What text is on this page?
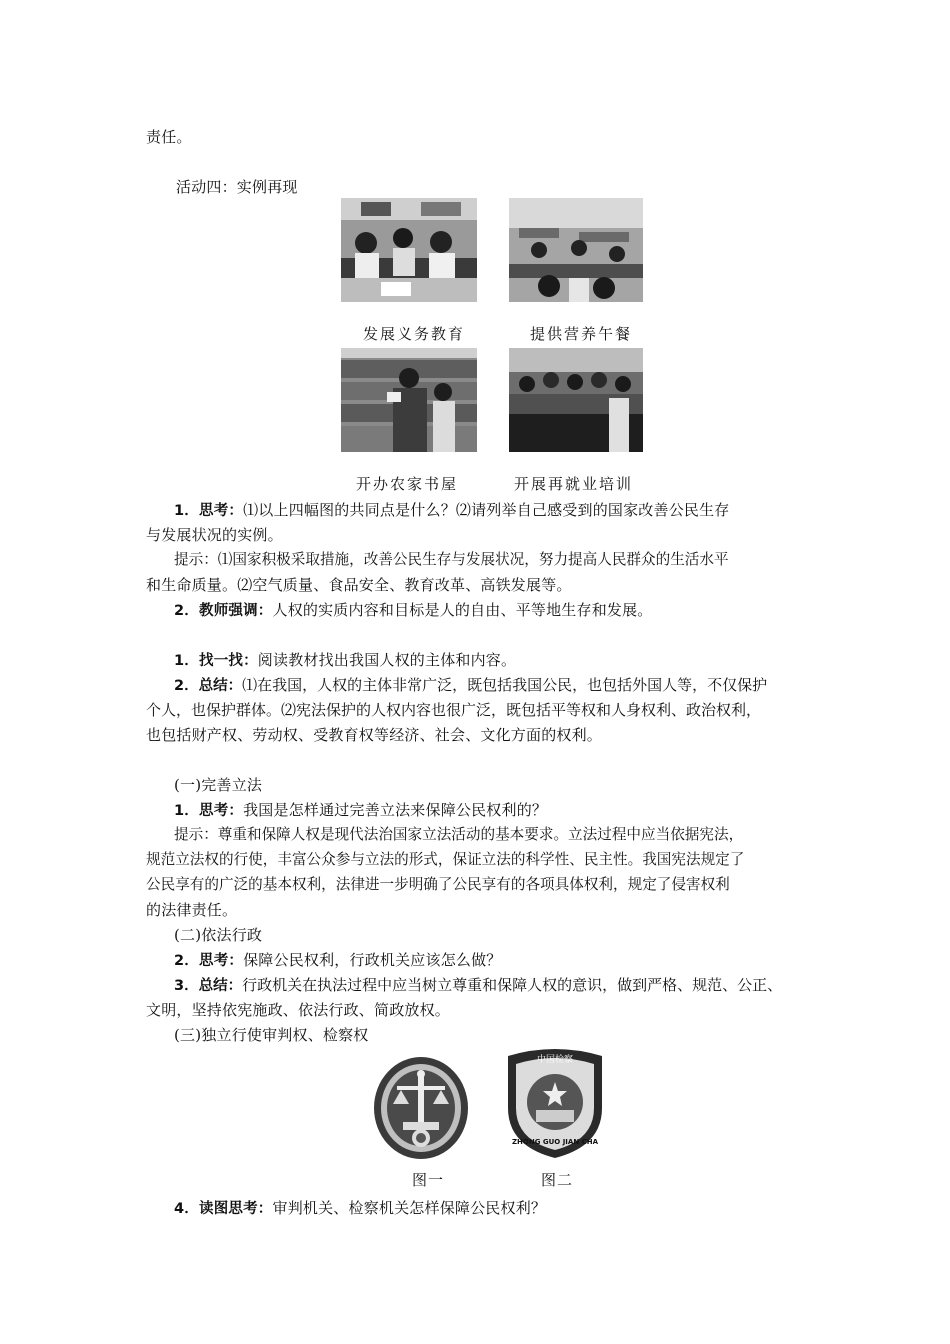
责任。
活动四：实例再现
发展义务教育	提供营养午餐
开办农家书屋	开展再就业培训
1．思考：⑴以上四幅图的共同点是什么？⑵请列举自己感受到的国家改善公民生存
与发展状况的实例。
提示：⑴国家积极采取措施，改善公民生存与发展状况，努力提高人民群众的生活水平
和生命质量。⑵空气质量、食品安全、教育改革、高铁发展等。
2．教师强调：人权的实质内容和目标是人的自由、平等地生存和发展。
1．找一找：阅读教材找出我国人权的主体和内容。
2．总结：⑴在我国，人权的主体非常广泛，既包括我国公民，也包括外国人等，不仅保护
个人，也保护群体。⑵宪法保护的人权内容也很广泛，既包括平等权和人身权利、政治权利，
也包括财产权、劳动权、受教育权等经济、社会、文化方面的权利。
(一)完善立法
1．思考：我国是怎样通过完善立法来保障公民权利的？
提示：尊重和保障人权是现代法治国家立法活动的基本要求。立法过程中应当依据宪法，
规范立法权的行使，丰富公众参与立法的形式，保证立法的科学性、民主性。我国宪法规定了
公民享有的广泛的基本权利，法律进一步明确了公民享有的各项具体权利，规定了侵害权利
的法律责任。
(二)依法行政
2．思考：保障公民权利，行政机关应该怎么做？
3．总结：行政机关在执法过程中应当树立尊重和保障人权的意识，做到严格、规范、公正、
文明，坚持依宪施政、依法行政、简政放权。
(三)独立行使审判权、检察权
中国检察
ZHONG GUO JIAN CHA
图一	图二
4．读图思考：审判机关、检察机关怎样保障公民权利？
